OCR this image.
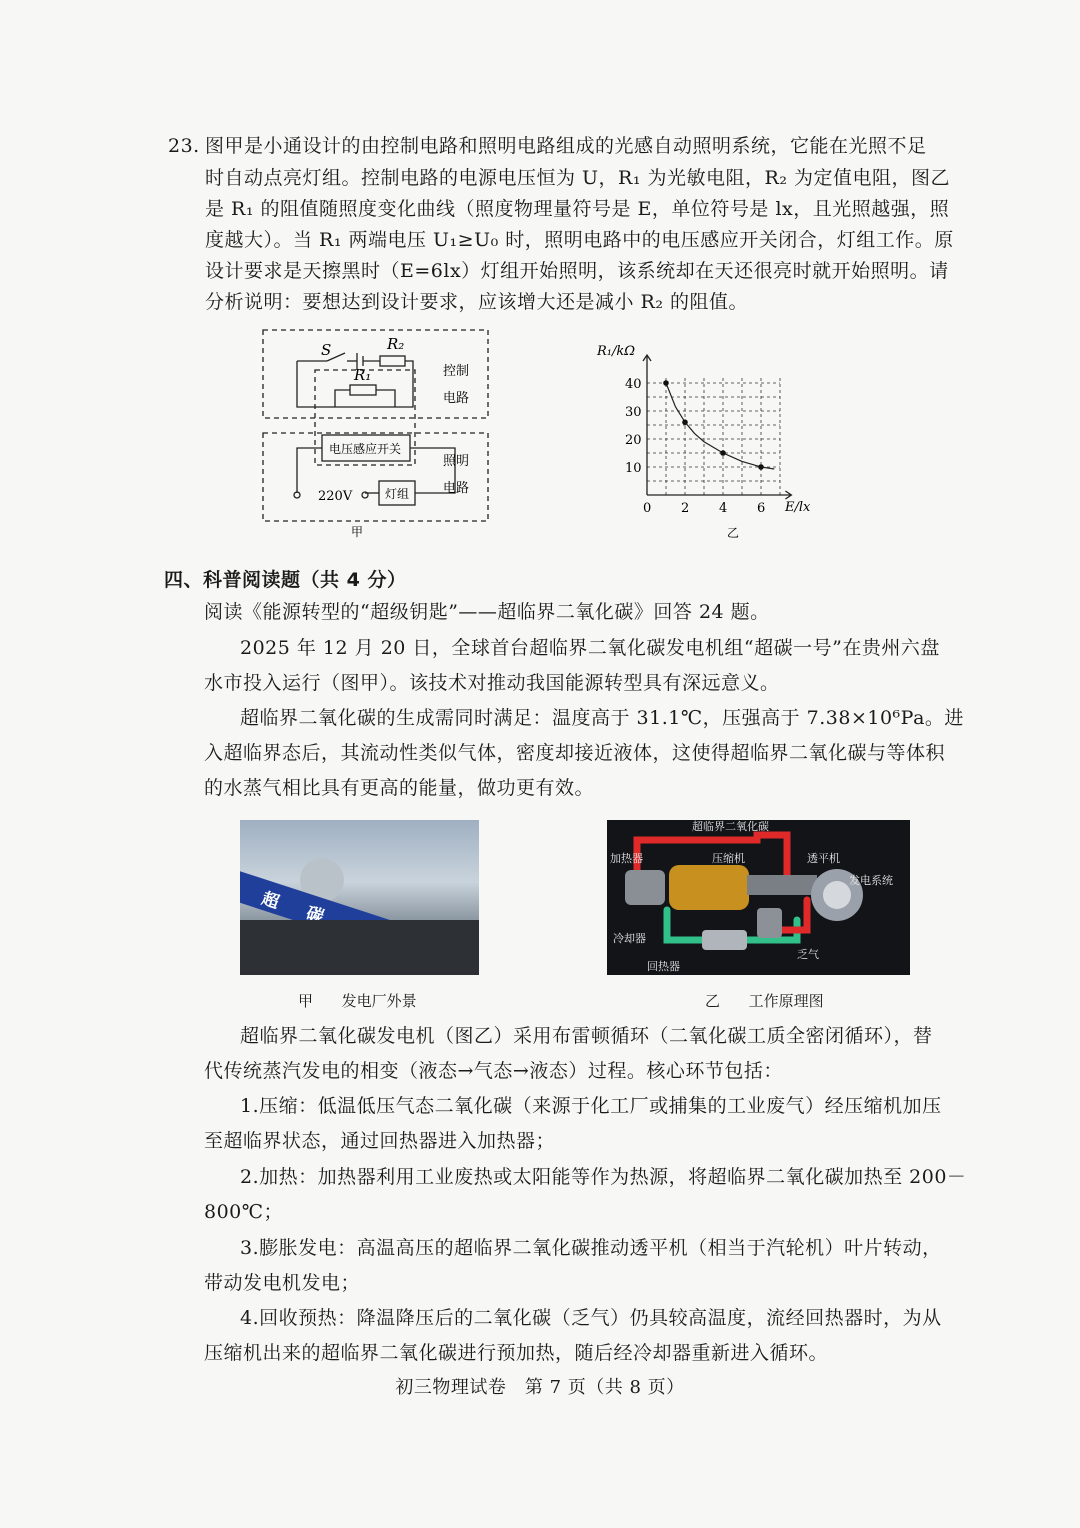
23. 图甲是小通设计的由控制电路和照明电路组成的光感自动照明系统，它能在光照不足
时自动点亮灯组。控制电路的电源电压恒为 U，R₁ 为光敏电阻，R₂ 为定值电阻，图乙
是 R₁ 的阻值随照度变化曲线（照度物理量符号是 E，单位符号是 lx，且光照越强，照
度越大）。当 R₁ 两端电压 U₁≥U₀ 时，照明电路中的电压感应开关闭合，灯组工作。原
设计要求是天擦黑时（E=6lx）灯组开始照明，该系统却在天还很亮时就开始照明。请
分析说明：要想达到设计要求，应该增大还是减小 R₂ 的阻值。
S	R₂
R₁	控制
电路
电压感应开关
照明
电路
220V	灯组
甲
0 2 4 6
10
20
30
40
R₁/kΩ
E/lx
乙
四、科普阅读题（共 4 分）
阅读《能源转型的“超级钥匙”——超临界二氧化碳》回答 24 题。
2025 年 12 月 20 日，全球首台超临界二氧化碳发电机组“超碳一号”在贵州六盘
水市投入运行（图甲）。该技术对推动我国能源转型具有深远意义。
超临界二氧化碳的生成需同时满足：温度高于 31.1℃，压强高于 7.38×10⁶Pa。进
入超临界态后，其流动性类似气体，密度却接近液体，这使得超临界二氧化碳与等体积
的水蒸气相比具有更高的能量，做功更有效。
甲      发电厂外景
超临界二氧化碳
加热器	压缩机	透平机
发电系统
冷却器
回热器
乏气
乙      工作原理图
超临界二氧化碳发电机（图乙）采用布雷顿循环（二氧化碳工质全密闭循环），替
代传统蒸汽发电的相变（液态→气态→液态）过程。核心环节包括：
1.压缩：低温低压气态二氧化碳（来源于化工厂或捕集的工业废气）经压缩机加压
至超临界状态，通过回热器进入加热器；
2.加热：加热器利用工业废热或太阳能等作为热源，将超临界二氧化碳加热至 200－
800℃；
3.膨胀发电：高温高压的超临界二氧化碳推动透平机（相当于汽轮机）叶片转动，
带动发电机发电；
4.回收预热：降温降压后的二氧化碳（乏气）仍具较高温度，流经回热器时，为从
压缩机出来的超临界二氧化碳进行预加热，随后经冷却器重新进入循环。
初三物理试卷　第 7 页（共 8 页）
